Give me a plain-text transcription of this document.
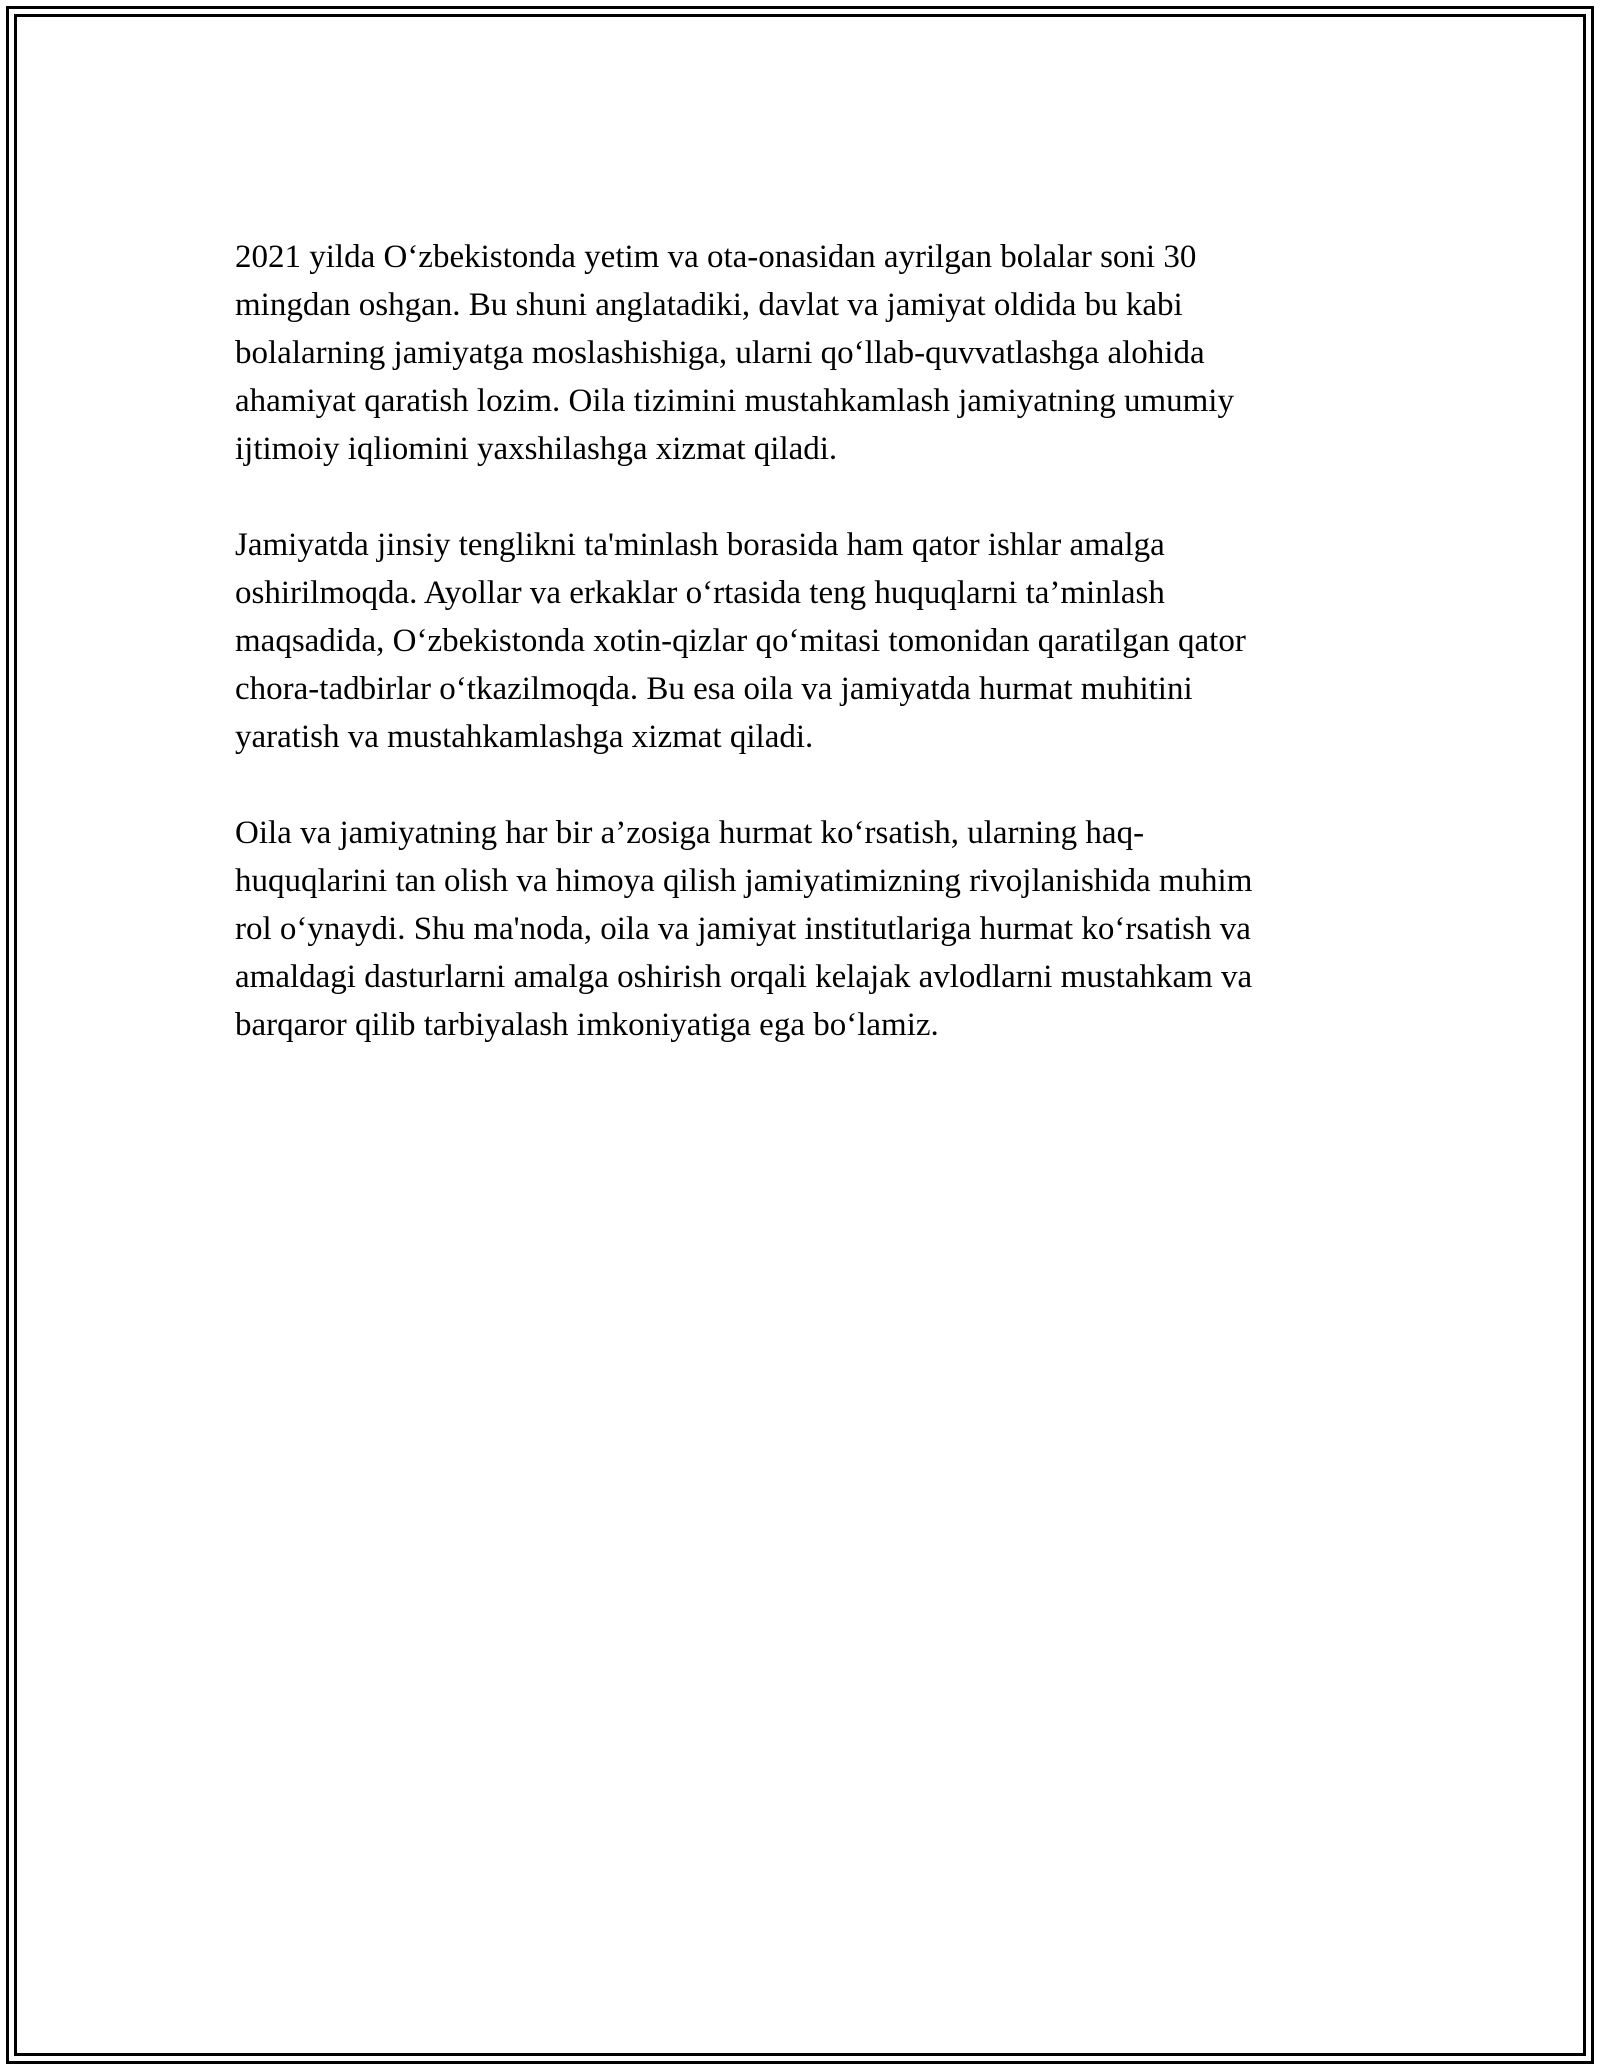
2021 yilda O‘zbekistonda yetim va ota-onasidan ayrilgan bolalar soni 30
mingdan oshgan. Bu shuni anglatadiki, davlat va jamiyat oldida bu kabi
bolalarning jamiyatga moslashishiga, ularni qo‘llab-quvvatlashga alohida
ahamiyat qaratish lozim. Oila tizimini mustahkamlash jamiyatning umumiy
ijtimoiy iqliomini yaxshilashga xizmat qiladi.

Jamiyatda jinsiy tenglikni ta'minlash borasida ham qator ishlar amalga
oshirilmoqda. Ayollar va erkaklar o‘rtasida teng huquqlarni ta’minlash
maqsadida, O‘zbekistonda xotin-qizlar qo‘mitasi tomonidan qaratilgan qator
chora-tadbirlar o‘tkazilmoqda. Bu esa oila va jamiyatda hurmat muhitini
yaratish va mustahkamlashga xizmat qiladi.

Oila va jamiyatning har bir a’zosiga hurmat ko‘rsatish, ularning haq-
huquqlarini tan olish va himoya qilish jamiyatimizning rivojlanishida muhim
rol o‘ynaydi. Shu ma'noda, oila va jamiyat institutlariga hurmat ko‘rsatish va
amaldagi dasturlarni amalga oshirish orqali kelajak avlodlarni mustahkam va
barqaror qilib tarbiyalash imkoniyatiga ega bo‘lamiz.
